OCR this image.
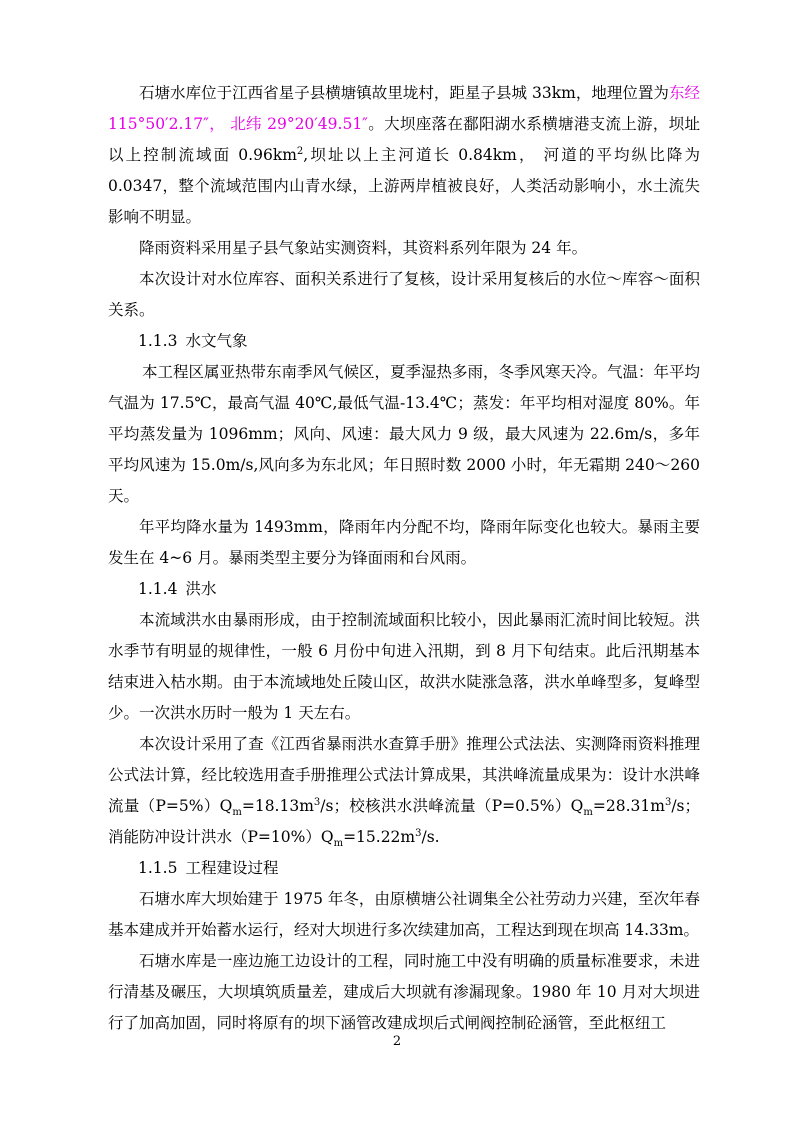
石塘水库位于江西省星子县横塘镇故里垅村，距星子县城 33km，地理位置为东经 115°50′2.17″， 北纬 29°20′49.51″。大坝座落在鄱阳湖水系横塘港支流上游，坝址以上控制流域面 $0.96km^2$,坝址以上主河道长 0.84km， 河道的平均纵比降为 0.0347，整个流域范围内山青水绿，上游两岸植被良好，人类活动影响小，水土流失影响不明显。

降雨资料采用星子县气象站实测资料，其资料系列年限为 24 年。

本次设计对水位库容、面积关系进行了复核，设计采用复核后的水位～库容～面积关系。

1.1.3 水文气象

本工程区属亚热带东南季风气候区，夏季湿热多雨，冬季风寒天冷。气温：年平均气温为 17.5℃，最高气温 40℃,最低气温-13.4℃；蒸发：年平均相对湿度 80%。年平均蒸发量为 1096mm；风向、风速：最大风力 9 级，最大风速为 22.6m/s，多年平均风速为 15.0m/s,风向多为东北风；年日照时数 2000 小时，年无霜期 240～260 天。

年平均降水量为 1493mm，降雨年内分配不均，降雨年际变化也较大。暴雨主要发生在 4~6 月。暴雨类型主要分为锋面雨和台风雨。

1.1.4 洪水

本流域洪水由暴雨形成，由于控制流域面积比较小，因此暴雨汇流时间比较短。洪水季节有明显的规律性，一般 6 月份中旬进入汛期，到 8 月下旬结束。此后汛期基本结束进入枯水期。由于本流域地处丘陵山区，故洪水陡涨急落，洪水单峰型多，复峰型少。一次洪水历时一般为 1 天左右。

本次设计采用了查《江西省暴雨洪水查算手册》推理公式法法、实测降雨资料推理公式法计算，经比较选用查手册推理公式法计算成果，其洪峰流量成果为：设计水洪峰流量$(P=5\%)Q_m=18.13m^3/s$；校核洪水洪峰流量$(P=0.5\%)Q_m=28.31m^3/s$；消能防冲设计洪水$(P=10\%)Q_m=15.22m^3/s$.

1.1.5 工程建设过程

石塘水库大坝始建于 1975 年冬，由原横塘公社调集全公社劳动力兴建，至次年春基本建成并开始蓄水运行，经对大坝进行多次续建加高，工程达到现在坝高 14.33m。

石塘水库是一座边施工边设计的工程，同时施工中没有明确的质量标准要求，未进行清基及碾压，大坝填筑质量差，建成后大坝就有渗漏现象。1980 年 10 月对大坝进行了加高加固，同时将原有的坝下涵管改建成坝后式闸阀控制砼涵管，至此枢纽工

2
